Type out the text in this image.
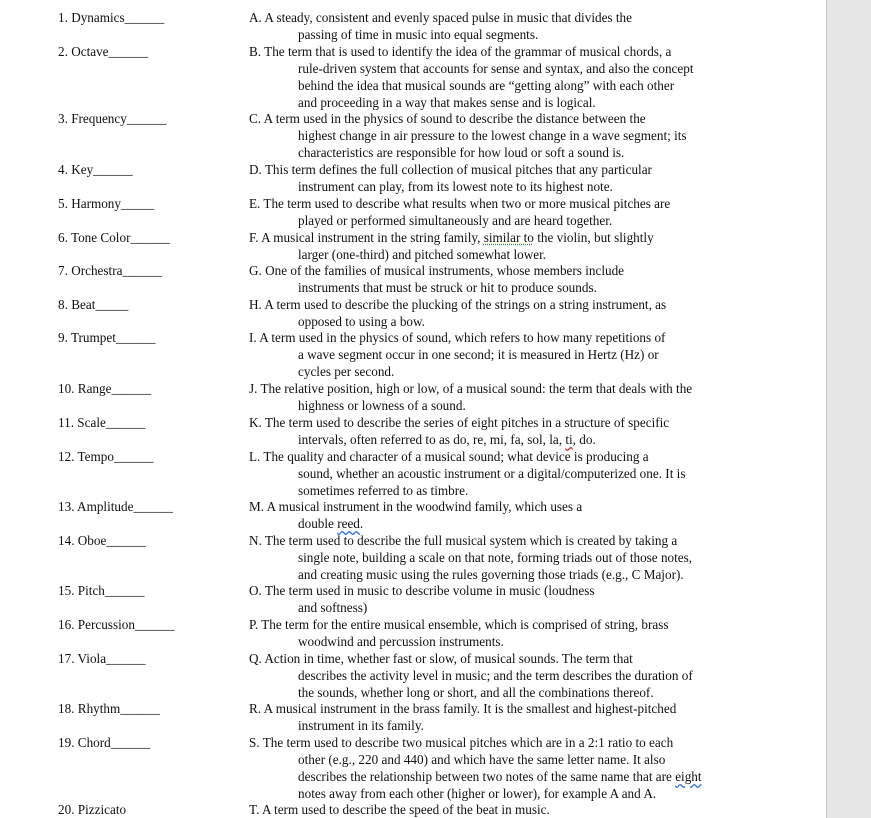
1. Dynamics______
2. Octave______
3. Frequency______
4. Key______
5. Harmony_____
6. Tone Color______
7. Orchestra______
8. Beat_____
9. Trumpet______
10. Range______
11. Scale______
12. Tempo______
13. Amplitude______
14. Oboe______
15. Pitch______
16. Percussion______
17. Viola______
18. Rhythm______
19. Chord______
20. Pizzicato
A. A steady, consistent and evenly spaced pulse in music that divides the
passing of time in music into equal segments.
B. The term that is used to identify the idea of the grammar of musical chords, a
rule-driven system that accounts for sense and syntax, and also the concept
behind the idea that musical sounds are “getting along” with each other
and proceeding in a way that makes sense and is logical.
C. A term used in the physics of sound to describe the distance between the
highest change in air pressure to the lowest change in a wave segment; its
characteristics are responsible for how loud or soft a sound is.
D. This term defines the full collection of musical pitches that any particular
instrument can play, from its lowest note to its highest note.
E. The term used to describe what results when two or more musical pitches are
played or performed simultaneously and are heard together.
F. A musical instrument in the string family, similar to the violin, but slightly
larger (one-third) and pitched somewhat lower.
G. One of the families of musical instruments, whose members include
instruments that must be struck or hit to produce sounds.
H. A term used to describe the plucking of the strings on a string instrument, as
opposed to using a bow.
I. A term used in the physics of sound, which refers to how many repetitions of
a wave segment occur in one second; it is measured in Hertz (Hz) or
cycles per second.
J. The relative position, high or low, of a musical sound: the term that deals with the
highness or lowness of a sound.
K. The term used to describe the series of eight pitches in a structure of specific
intervals, often referred to as do, re, mi, fa, sol, la, ti, do.
L. The quality and character of a musical sound; what device is producing a
sound, whether an acoustic instrument or a digital/computerized one. It is
sometimes referred to as timbre.
M. A musical instrument in the woodwind family, which uses a
double reed.
N. The term used to describe the full musical system which is created by taking a
single note, building a scale on that note, forming triads out of those notes,
and creating music using the rules governing those triads (e.g., C Major).
O. The term used in music to describe volume in music (loudness
and softness)
P. The term for the entire musical ensemble, which is comprised of string, brass
woodwind and percussion instruments.
Q. Action in time, whether fast or slow, of musical sounds. The term that
describes the activity level in music; and the term describes the duration of
the sounds, whether long or short, and all the combinations thereof.
R. A musical instrument in the brass family. It is the smallest and highest-pitched
instrument in its family.
S. The term used to describe two musical pitches which are in a 2:1 ratio to each
other (e.g., 220 and 440) and which have the same letter name. It also
describes the relationship between two notes of the same name that are eight
notes away from each other (higher or lower), for example A and A.
T. A term used to describe the speed of the beat in music.
